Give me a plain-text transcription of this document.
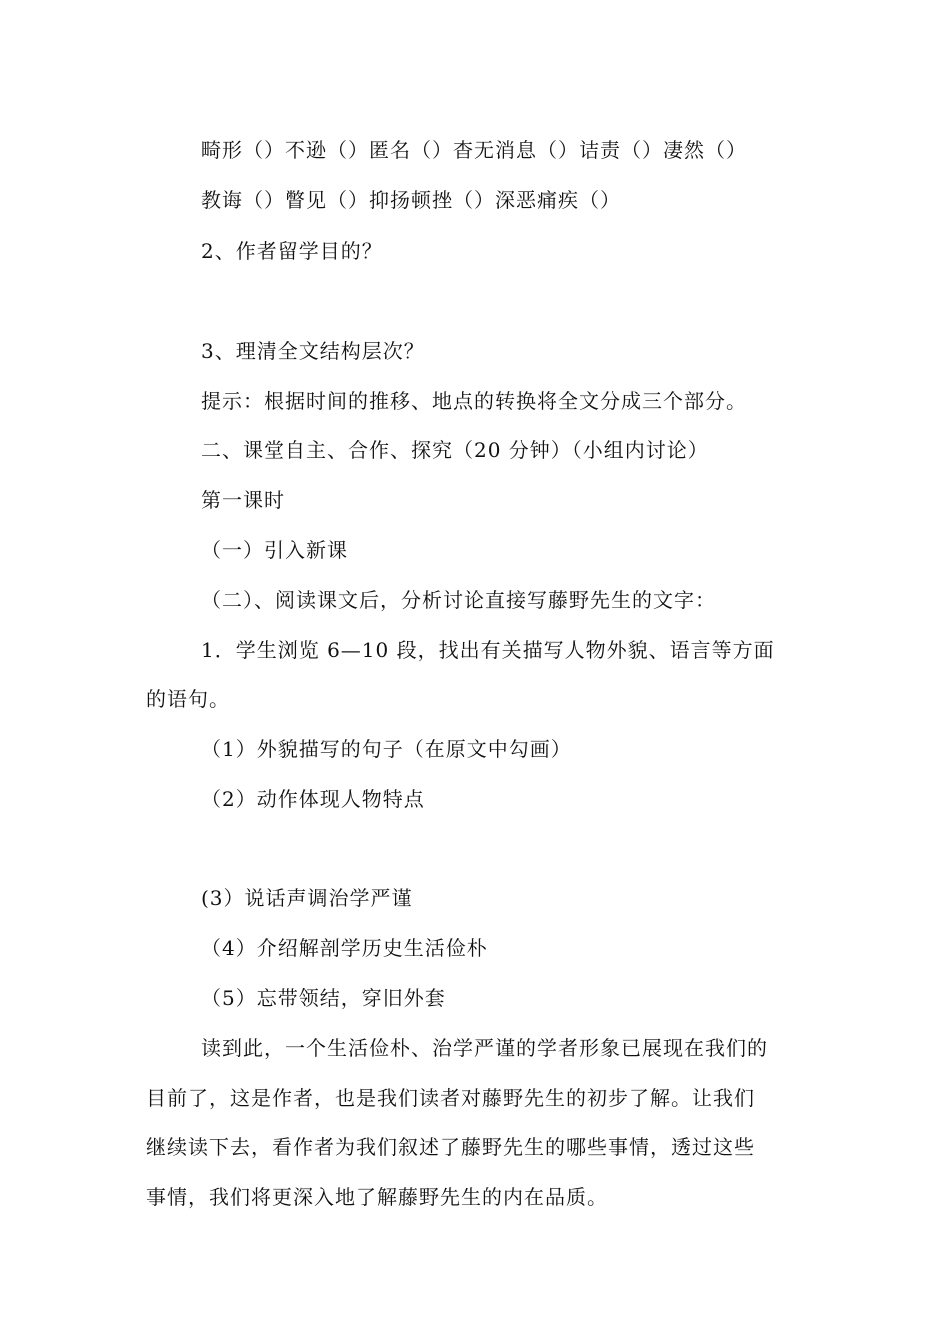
畸形（）不逊（）匿名（）杳无消息（）诘责（）凄然（）
教诲（）瞥见（）抑扬顿挫（）深恶痛疾（）
2、作者留学目的？
3、理清全文结构层次？
提示：根据时间的推移、地点的转换将全文分成三个部分。
二、课堂自主、合作、探究（20 分钟）（小组内讨论）
第一课时
（一）引入新课
（二）、阅读课文后，分析讨论直接写藤野先生的文字：
1．学生浏览 6—10 段，找出有关描写人物外貌、语言等方面
的语句。
（1）外貌描写的句子（在原文中勾画）
（2）动作体现人物特点
(3）说话声调治学严谨
（4）介绍解剖学历史生活俭朴
（5）忘带领结，穿旧外套
读到此，一个生活俭朴、治学严谨的学者形象已展现在我们的
目前了，这是作者，也是我们读者对藤野先生的初步了解。让我们
继续读下去，看作者为我们叙述了藤野先生的哪些事情，透过这些
事情，我们将更深入地了解藤野先生的内在品质。
